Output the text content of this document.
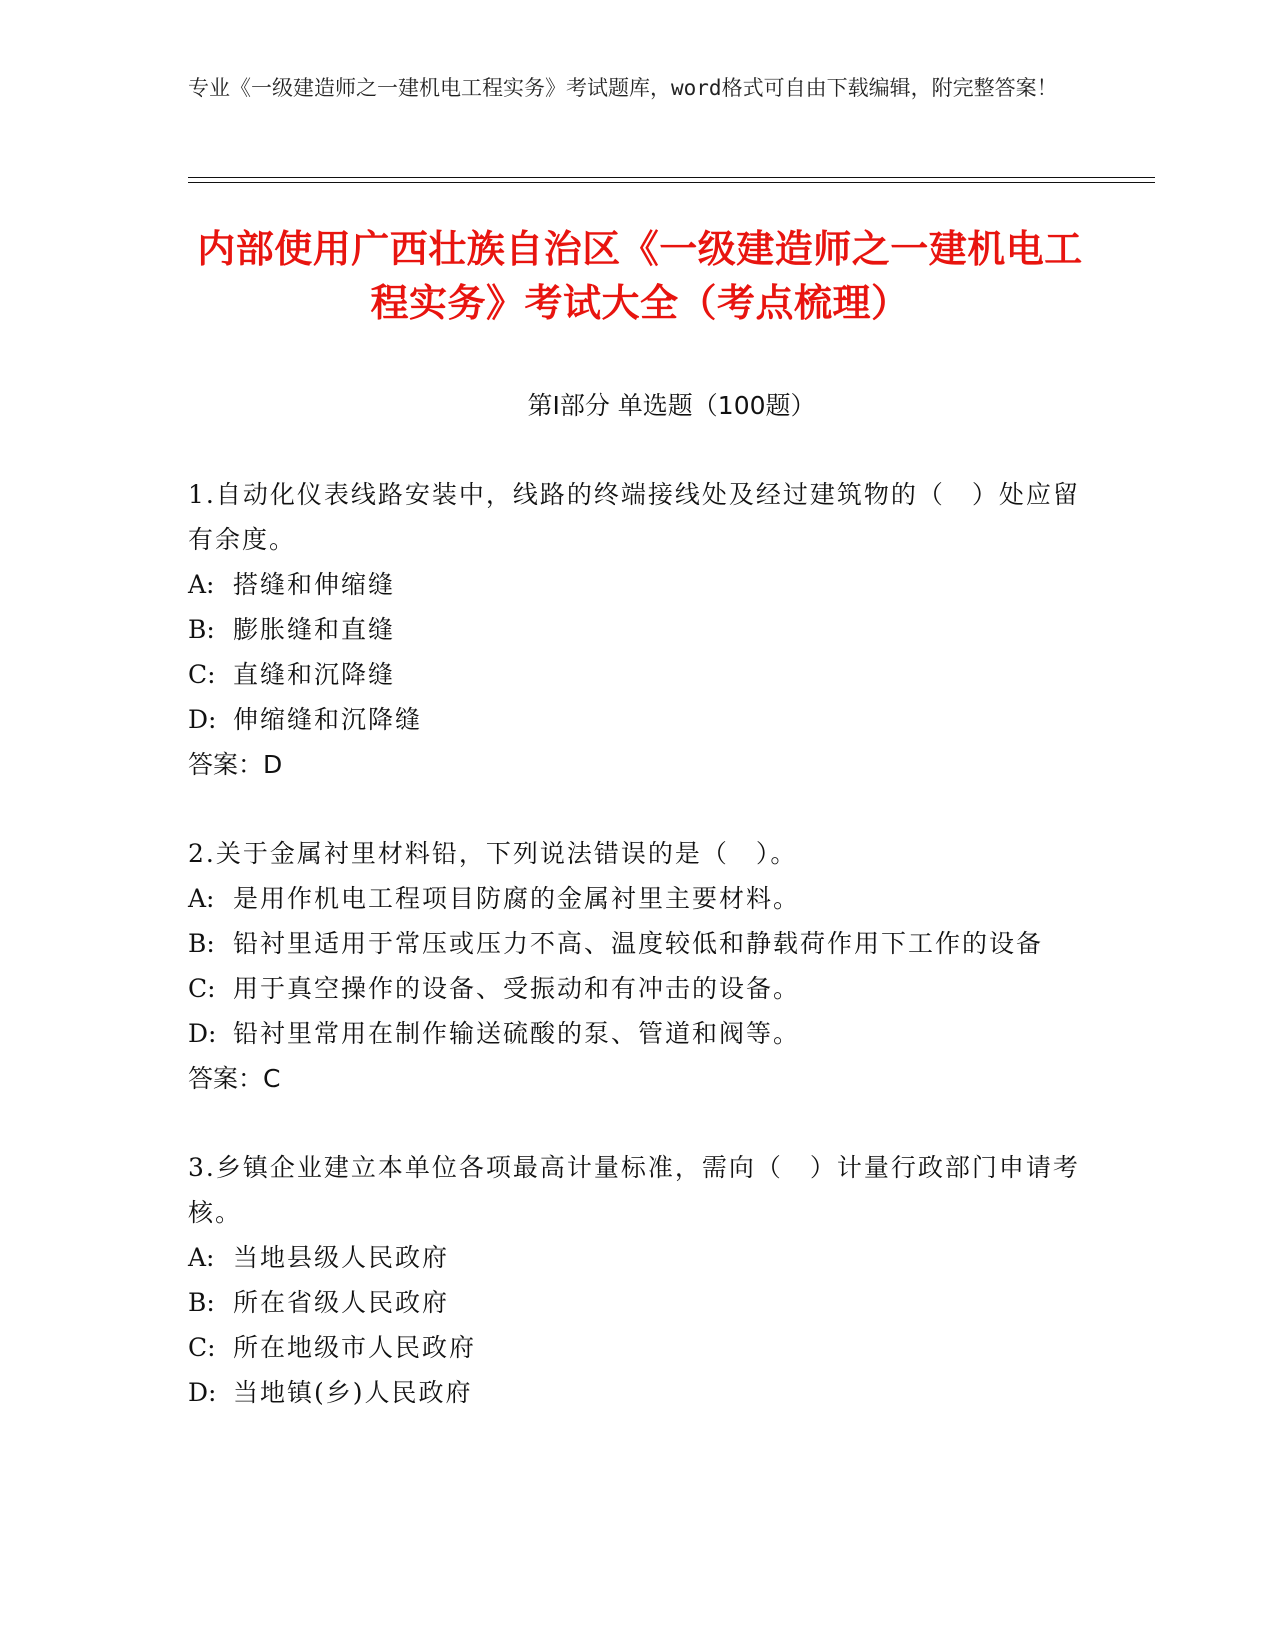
专业《一级建造师之一建机电工程实务》考试题库，word格式可自由下载编辑，附完整答案！
内部使用广西壮族自治区《一级建造师之一建机电工程实务》考试大全（考点梳理）
第Ⅰ部分 单选题（100题）

1.自动化仪表线路安装中，线路的终端接线处及经过建筑物的（　）处应留有余度。

A: 搭缝和伸缩缝

B: 膨胀缝和直缝

C: 直缝和沉降缝

D: 伸缩缝和沉降缝

答案：D

2.关于金属衬里材料铅，下列说法错误的是（　）。

A: 是用作机电工程项目防腐的金属衬里主要材料。

B: 铅衬里适用于常压或压力不高、温度较低和静载荷作用下工作的设备

C: 用于真空操作的设备、受振动和有冲击的设备。

D: 铅衬里常用在制作输送硫酸的泵、管道和阀等。

答案：C

3.乡镇企业建立本单位各项最高计量标准，需向（　）计量行政部门申请考核。

A: 当地县级人民政府

B: 所在省级人民政府

C: 所在地级市人民政府

D: 当地镇(乡)人民政府
